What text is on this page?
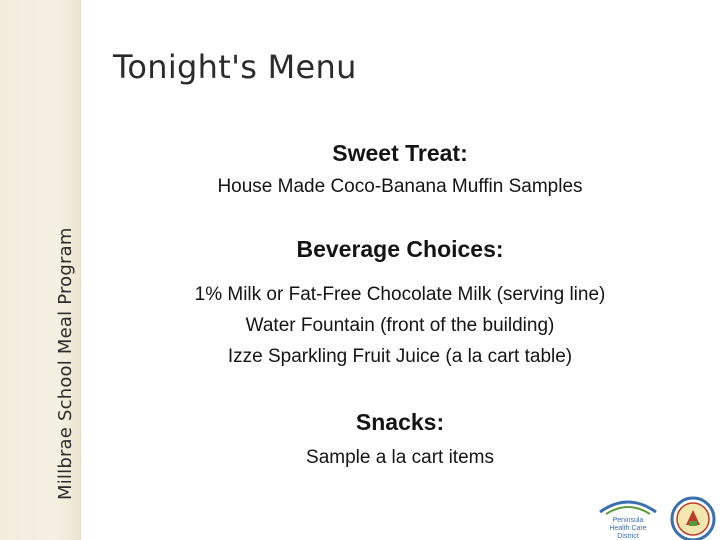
Millbrae School Meal Program
Tonight's Menu
Sweet Treat:
House Made Coco-Banana Muffin Samples
Beverage Choices:
1% Milk or Fat-Free Chocolate Milk (serving line)
Water Fountain (front of the building)
Izze Sparkling Fruit Juice (a la cart table)
Snacks:
Sample a la cart items
Peninsula
Health Care
District
